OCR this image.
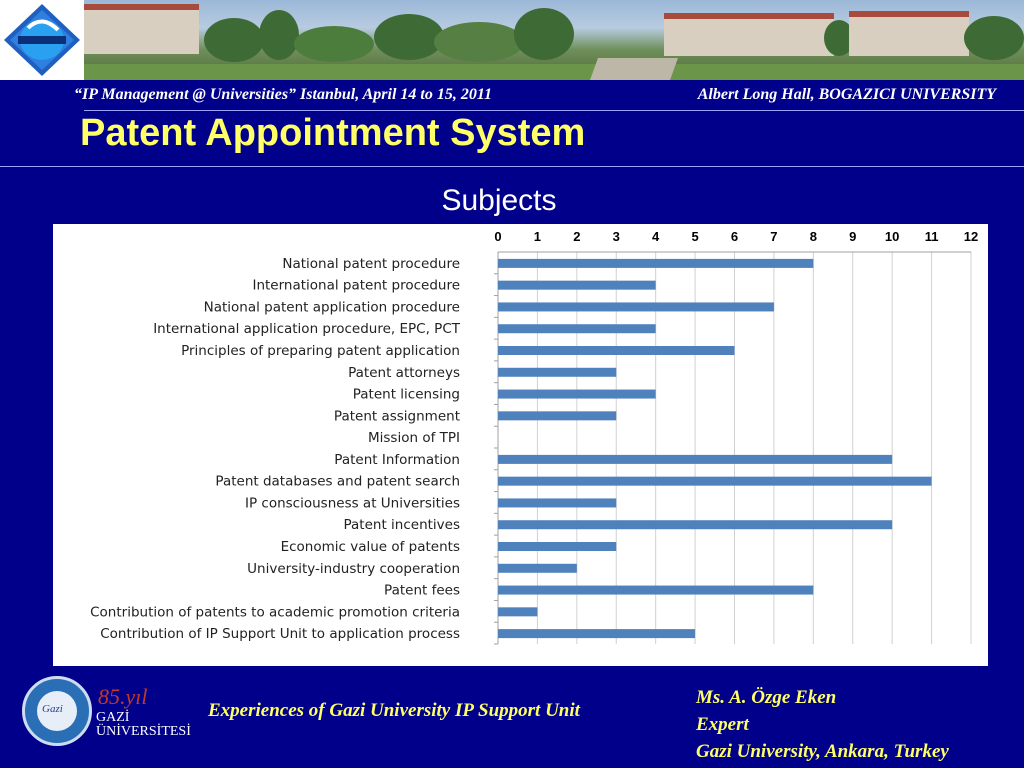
“IP Management @ Universities” Istanbul, April 14 to 15, 2011	Albert Long Hall, BOGAZICI UNIVERSITY
Patent Appointment System
Subjects
0 1 2 3 4 5 6 7 8 9 10 11 12
National patent procedure
International patent procedure
National patent application procedure
International application procedure, EPC, PCT
Principles of preparing patent application
Patent attorneys
Patent licensing
Patent assignment
Mission of TPI
Patent Information
Patent databases and patent search
IP consciousness at Universities
Patent incentives
Economic value of patents
University-industry cooperation
Patent fees
Contribution of patents to academic promotion criteria
Contribution of IP Support Unit to application process
Gazi 85.yıl
GAZİ
ÜNİVERSİTESİ
Experiences of Gazi University IP Support Unit
Ms. A. Özge Eken
Expert
Gazi University, Ankara, Turkey
